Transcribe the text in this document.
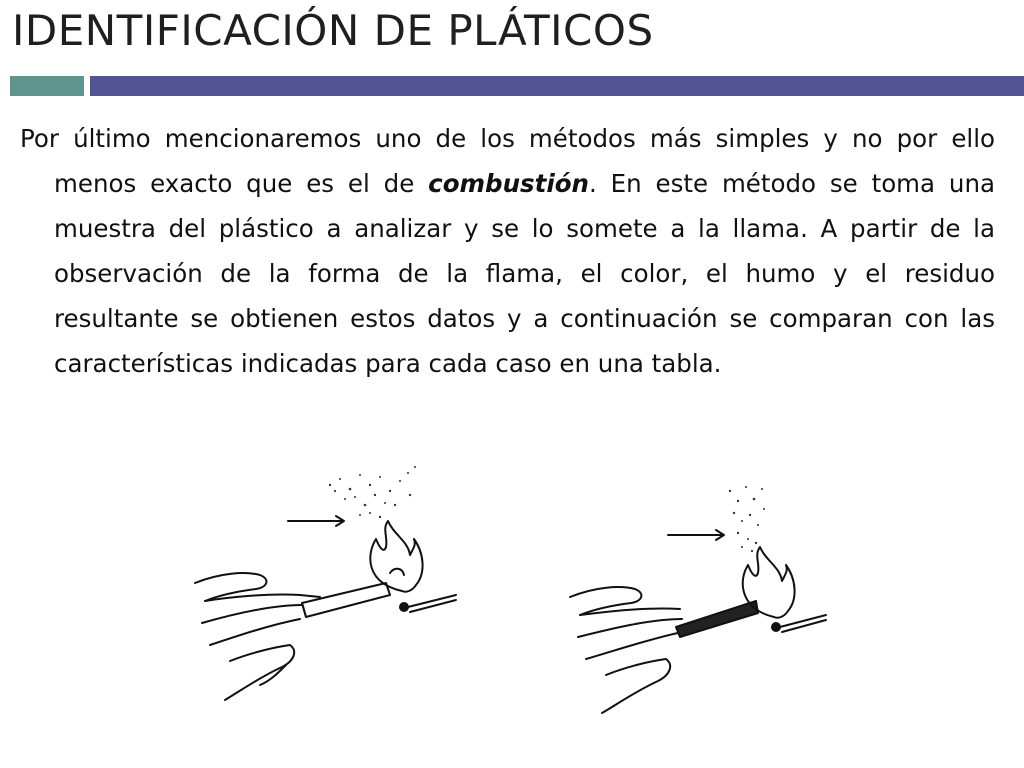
IDENTIFICACIÓN DE PLÁTICOS
Por último mencionaremos uno de los métodos más simples y no por ello menos exacto que es el de combustión. En este método se toma una muestra del plástico a analizar y se lo somete a la llama. A partir de la observación de la forma de la flama, el color, el humo y el residuo resultante se obtienen estos datos y a continuación se comparan con las características indicadas para cada caso en una tabla.
